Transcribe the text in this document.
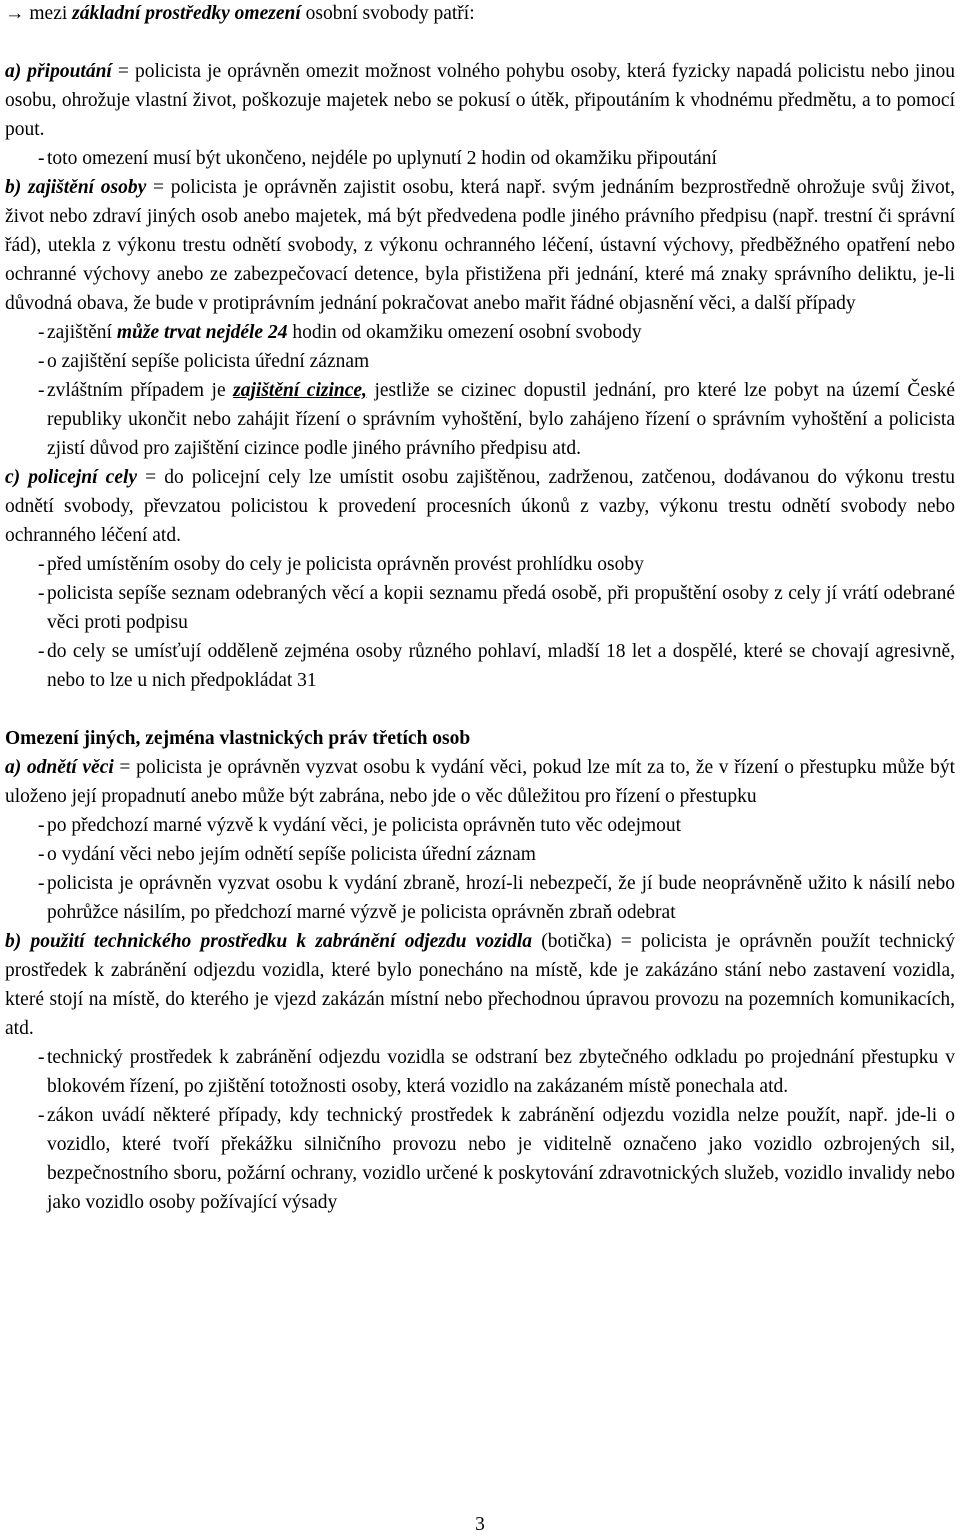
→ mezi základní prostředky omezení osobní svobody patří:

a) připoutání = policista je oprávněn omezit možnost volného pohybu osoby, která fyzicky napadá policistu nebo jinou osobu, ohrožuje vlastní život, poškozuje majetek nebo se pokusí o útěk, připoutáním k vhodnému předmětu, a to pomocí pout.

- toto omezení musí být ukončeno, nejdéle po uplynutí 2 hodin od okamžiku připoutání

b) zajištění osoby = policista je oprávněn zajistit osobu, která např. svým jednáním bezprostředně ohrožuje svůj život, život nebo zdraví jiných osob anebo majetek, má být předvedena podle jiného právního předpisu (např. trestní či správní řád), utekla z výkonu trestu odnětí svobody, z výkonu ochranného léčení, ústavní výchovy, předběžného opatření nebo ochranné výchovy anebo ze zabezpečovací detence, byla přistižena při jednání, které má znaky správního deliktu, je-li důvodná obava, že bude v protiprávním jednání pokračovat anebo mařit řádné objasnění věci, a další případy

- zajištění může trvat nejdéle 24 hodin od okamžiku omezení osobní svobody
- o zajištění sepíše policista úřední záznam
- zvláštním případem je zajištění cizince, jestliže se cizinec dopustil jednání, pro které lze pobyt na území České republiky ukončit nebo zahájit řízení o správním vyhoštění, bylo zahájeno řízení o správním vyhoštění a policista zjistí důvod pro zajištění cizince podle jiného právního předpisu atd.

c) policejní cely = do policejní cely lze umístit osobu zajištěnou, zadrženou, zatčenou, dodávanou do výkonu trestu odnětí svobody, převzatou policistou k provedení procesních úkonů z vazby, výkonu trestu odnětí svobody nebo ochranného léčení atd.

- před umístěním osoby do cely je policista oprávněn provést prohlídku osoby
- policista sepíše seznam odebraných věcí a kopii seznamu předá osobě, při propuštění osoby z cely jí vrátí odebrané věci proti podpisu
- do cely se umísťují odděleně zejména osoby různého pohlaví, mladší 18 let a dospělé, které se chovají agresivně, nebo to lze u nich předpokládat 31

Omezení jiných, zejména vlastnických práv třetích osob

a) odnětí věci = policista je oprávněn vyzvat osobu k vydání věci, pokud lze mít za to, že v řízení o přestupku může být uloženo její propadnutí anebo může být zabrána, nebo jde o věc důležitou pro řízení o přestupku

- po předchozí marné výzvě k vydání věci, je policista oprávněn tuto věc odejmout
- o vydání věci nebo jejím odnětí sepíše policista úřední záznam
- policista je oprávněn vyzvat osobu k vydání zbraně, hrozí-li nebezpečí, že jí bude neoprávněně užito k násilí nebo pohrůžce násilím, po předchozí marné výzvě je policista oprávněn zbraň odebrat

b) použití technického prostředku k zabránění odjezdu vozidla (botička) = policista je oprávněn použít technický prostředek k zabránění odjezdu vozidla, které bylo ponecháno na místě, kde je zakázáno stání nebo zastavení vozidla, které stojí na místě, do kterého je vjezd zakázán místní nebo přechodnou úpravou provozu na pozemních komunikacích, atd.

- technický prostředek k zabránění odjezdu vozidla se odstraní bez zbytečného odkladu po projednání přestupku v blokovém řízení, po zjištění totožnosti osoby, která vozidlo na zakázaném místě ponechala atd.
- zákon uvádí některé případy, kdy technický prostředek k zabránění odjezdu vozidla nelze použít, např. jde-li o vozidlo, které tvoří překážku silničního provozu nebo je viditelně označeno jako vozidlo ozbrojených sil, bezpečnostního sboru, požární ochrany, vozidlo určené k poskytování zdravotnických služeb, vozidlo invalidy nebo jako vozidlo osoby požívající výsady
3
